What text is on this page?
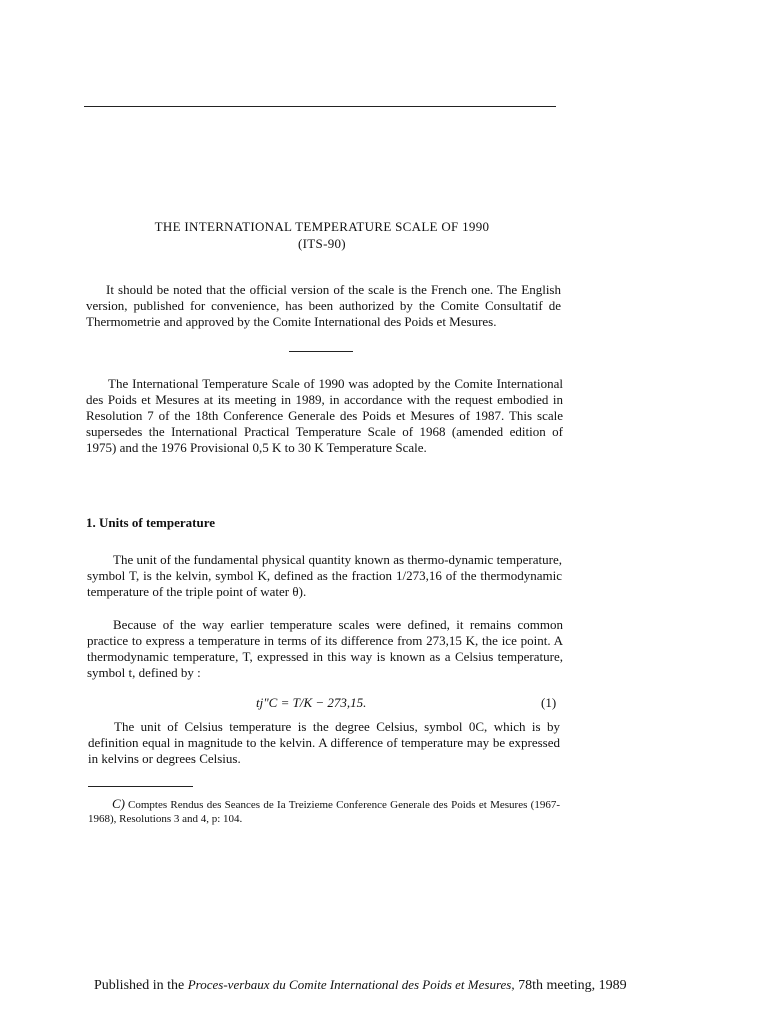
THE INTERNATIONAL TEMPERATURE SCALE OF 1990
(ITS-90)

It should be noted that the official version of the scale is the French one. The English version, published for convenience, has been authorized by the Comite Consultatif de Thermometrie and approved by the Comite International des Poids et Mesures.

The International Temperature Scale of 1990 was adopted by the Comite International des Poids et Mesures at its meeting in 1989, in accordance with the request embodied in Resolution 7 of the 18th Conference Generale des Poids et Mesures of 1987. This scale supersedes the International Practical Temperature Scale of 1968 (amended edition of 1975) and the 1976 Provisional 0,5 K to 30 K Temperature Scale.

1. Units of temperature

The unit of the fundamental physical quantity known as thermo-dynamic temperature, symbol T, is the kelvin, symbol K, defined as the fraction 1/273,16 of the thermodynamic temperature of the triple point of water θ).

Because of the way earlier temperature scales were defined, it remains common practice to express a temperature in terms of its difference from 273,15 K, the ice point. A thermodynamic temperature, T, expressed in this way is known as a Celsius temperature, symbol t, defined by :

tj"C = T/K − 273,15.	(1)

The unit of Celsius temperature is the degree Celsius, symbol 0C, which is by definition equal in magnitude to the kelvin. A difference of temperature may be expressed in kelvins or degrees Celsius.

C) Comptes Rendus des Seances de Ia Treizieme Conference Generale des Poids et Mesures (1967-1968), Resolutions 3 and 4, p: 104.
Published in the Proces-verbaux du Comite International des Poids et Mesures, 78th meeting, 1989
